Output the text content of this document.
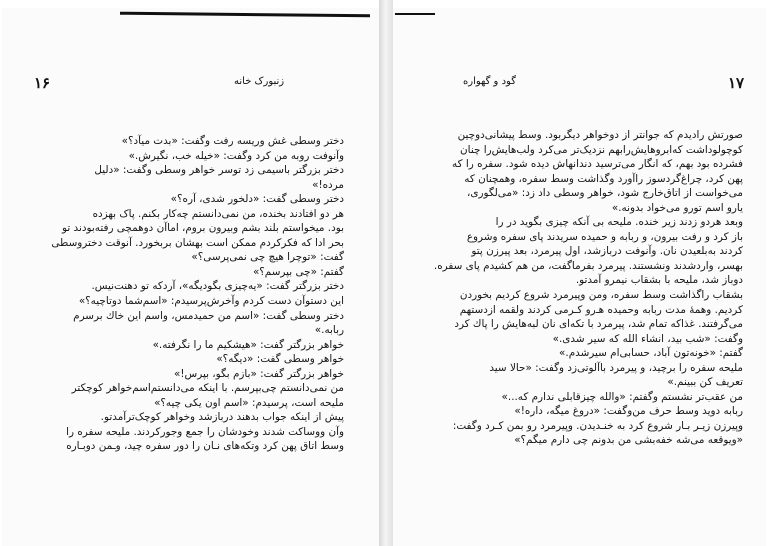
۱۶	زنبورک خانه
دختر وسطی غش وریسه رفت وگفت: «بدت میآد؟»
وآنوفت روبه من کرد وگفت: «خیله خب، نگیرش.»
دختر بزرگتر باسیمی زد توسر خواهر وسطی وگفت: «دلیل
مرده!»
دختر وسطی گفت: «دلخور شدی، آره؟»
هر دو افتادند بخنده، من نمی‌دانستم چه‌کار بکنم. پاک بهزده
بود. میخواستم بلند بشم وبیرون بروم، اماآن دوهمچی رفته‌بودند تو
بحر ادا که فکرکردم ممکن است بهشان بربخورد. آنوقت دختروسطی
گفت: «توچرا هیچ چی نمی‌پرسی؟»
گفتم: «چی بپرسم؟»
دختر بزرگتر گفت: «یه‌چیزی بگودیگه»، آردکه تو دهنت‌نیس.
این دستوآن دست کردم وآخرش‌پرسیدم: «اسم‌شما دوتاچیه؟»
دختر وسطی گفت: «اسم من حمیدمس، واسم این خاك برسرم
ربابه.»
خواهر بزرگتر گفت: «هیشکیم ما را نگرفته.»
خواهر وسطی گفت: «دیگه؟»
خواهر بزرگتر گفت: «بازم بگو، بپرس!»
من نمی‌دانستم چی‌بپرسم. با اینکه می‌دانستم‌اسم‌خواهر کوچکتر
ملیحه است، پرسیدم: «اسم اون یکی چیه؟»
پیش از اینکه جواب بدهند دربازشد وخواهر کوچک‌تر‌آمدتو.
وآن ووساکت شدند وخودشان را جمع وجورکردند. ملیحه سفره را
وسط اتاق پهن کرد وتکه‌های نـان را دور سفره چید، وـمن دوبـاره
گود و گهواره	۱۷
صورتش رادیدم که جوانتر از دوخواهر دیگربود. وسط پیشانی‌دوچین
کوچولوداشت که‌ابروهایش‌رابهم نزدیک‌تر می‌کرد ولب‌هایش‌را چنان
فشرده بود بهم، که انگار می‌ترسید دندانهاش دیده شود. سفره را که
پهن کرد، چراغ‌گردسوز راآورد وگذاشت وسط سفره، وهمچنان که
می‌خواست از اتاق‌خارج شود، خواهر وسطی داد زد: «می‌لگوری،
یارو اسم تورو می‌خواد بدونه.»
وبعد هردو زدند زیر خنده. ملیحه بی آنکه چیزی بگوید در را
باز کرد و رفت بیرون، و ربابه و حمیده سریدند پای سفره وشروع
کردند به‌بلعیدن نان. وآنوفت دربازشد، اول پیرمرد، بعد پیرزن پتو
بهسر، واردشدند ونشستند. پیرمرد بفرماگفت، من هم کشیدم پای سفره.
دوباز شد، ملیحه با بشقاب نیمرو آمدتو.
بشقاب راگذاشت وسط سفره، ومن وپیرمرد شروع کردیم بخوردن
کردیم. وهمهٔ مدت ربابه وحمیده هـ‌رو کـر‌می کردند ولقمه ازدستهم
می‌گرفتند. غذاکه تمام شد، پیرمرد با تکه‌ای نان لبه‌هایش را پاك کرد
وگفت: «شب بید، انشاء الله که سیر شدی.»
گفتم: «خونه‌تون آباد، حسابی‌ام سیرشدم.»
ملیحه سفره را برچید، و پیرمرد باآلوتی‌زد وگفت: «حالا سید
تعریف کن ببینم.»
من عقب‌تر نشستم وگفتم: «والله چیزقابلی ندارم که...»
ربابه دوید وسط حرف من‌وگفت: «دروغ میگه، داره!»
وپیرزن زیـر بـار شروع کرد به خنـدیدن. وپیرمرد رو بمن کـرد وگفت:
«ویوقعه می‌شه خفه‌بشی من بدونم چی دارم میگم؟»
